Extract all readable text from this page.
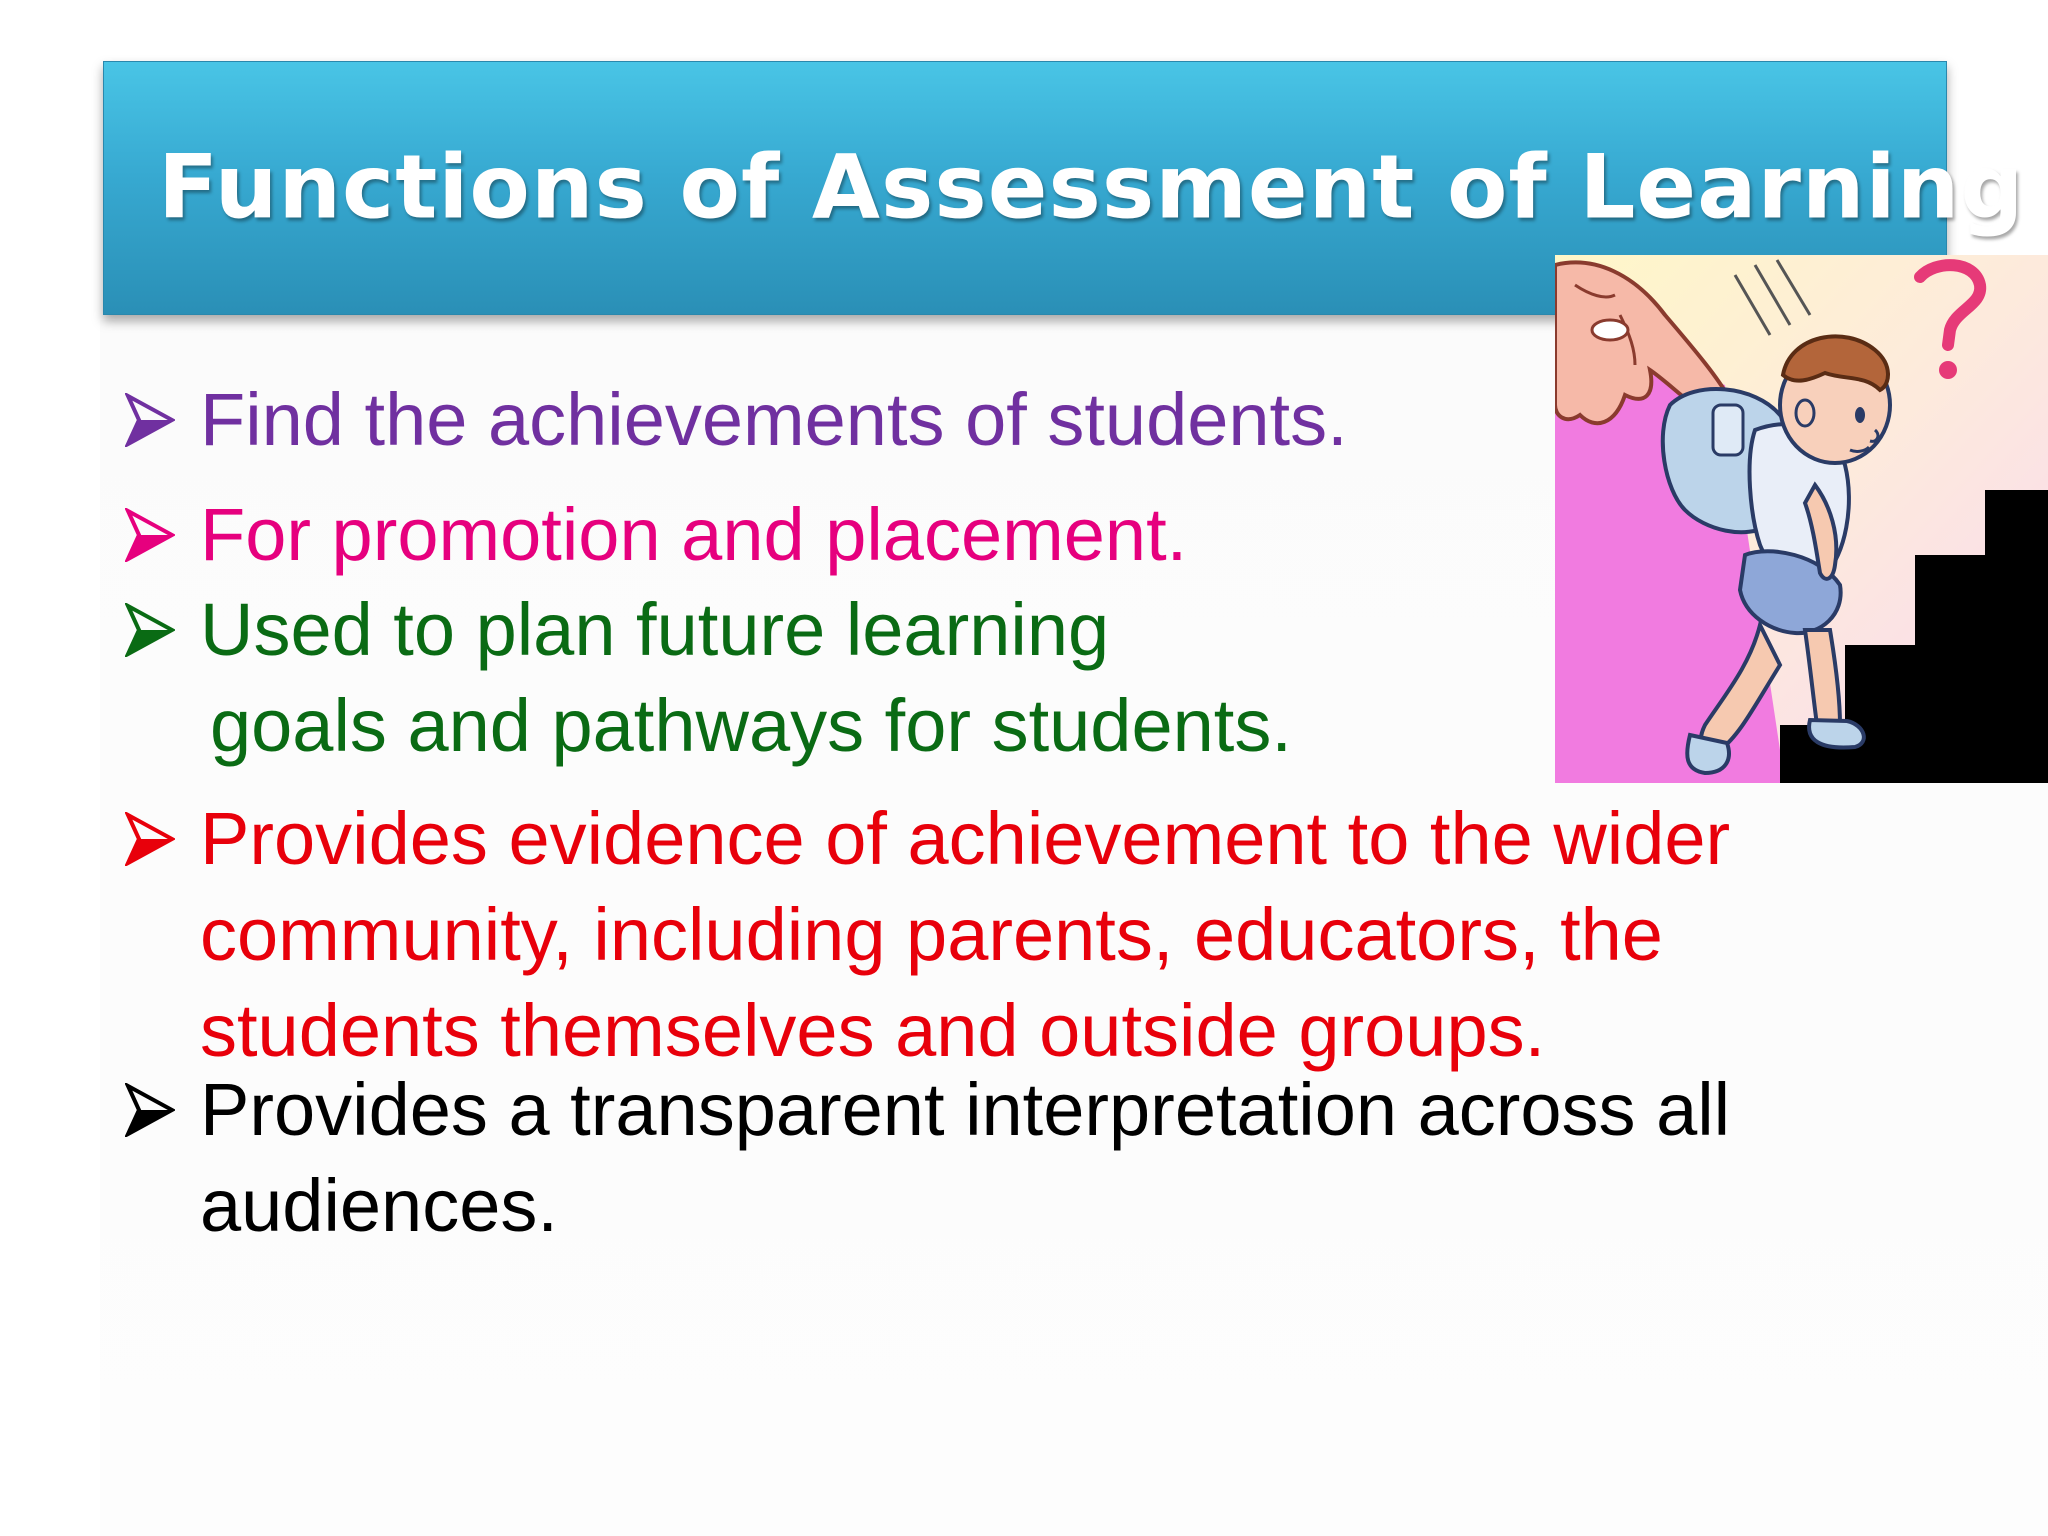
Functions of Assessment of Learning
Find the achievements of students.
For promotion and placement.
Used to plan future learning
goals and pathways for students.
Provides evidence of achievement to the wider
community, including parents, educators, the
students themselves and outside groups.
Provides a transparent interpretation across all
audiences.
